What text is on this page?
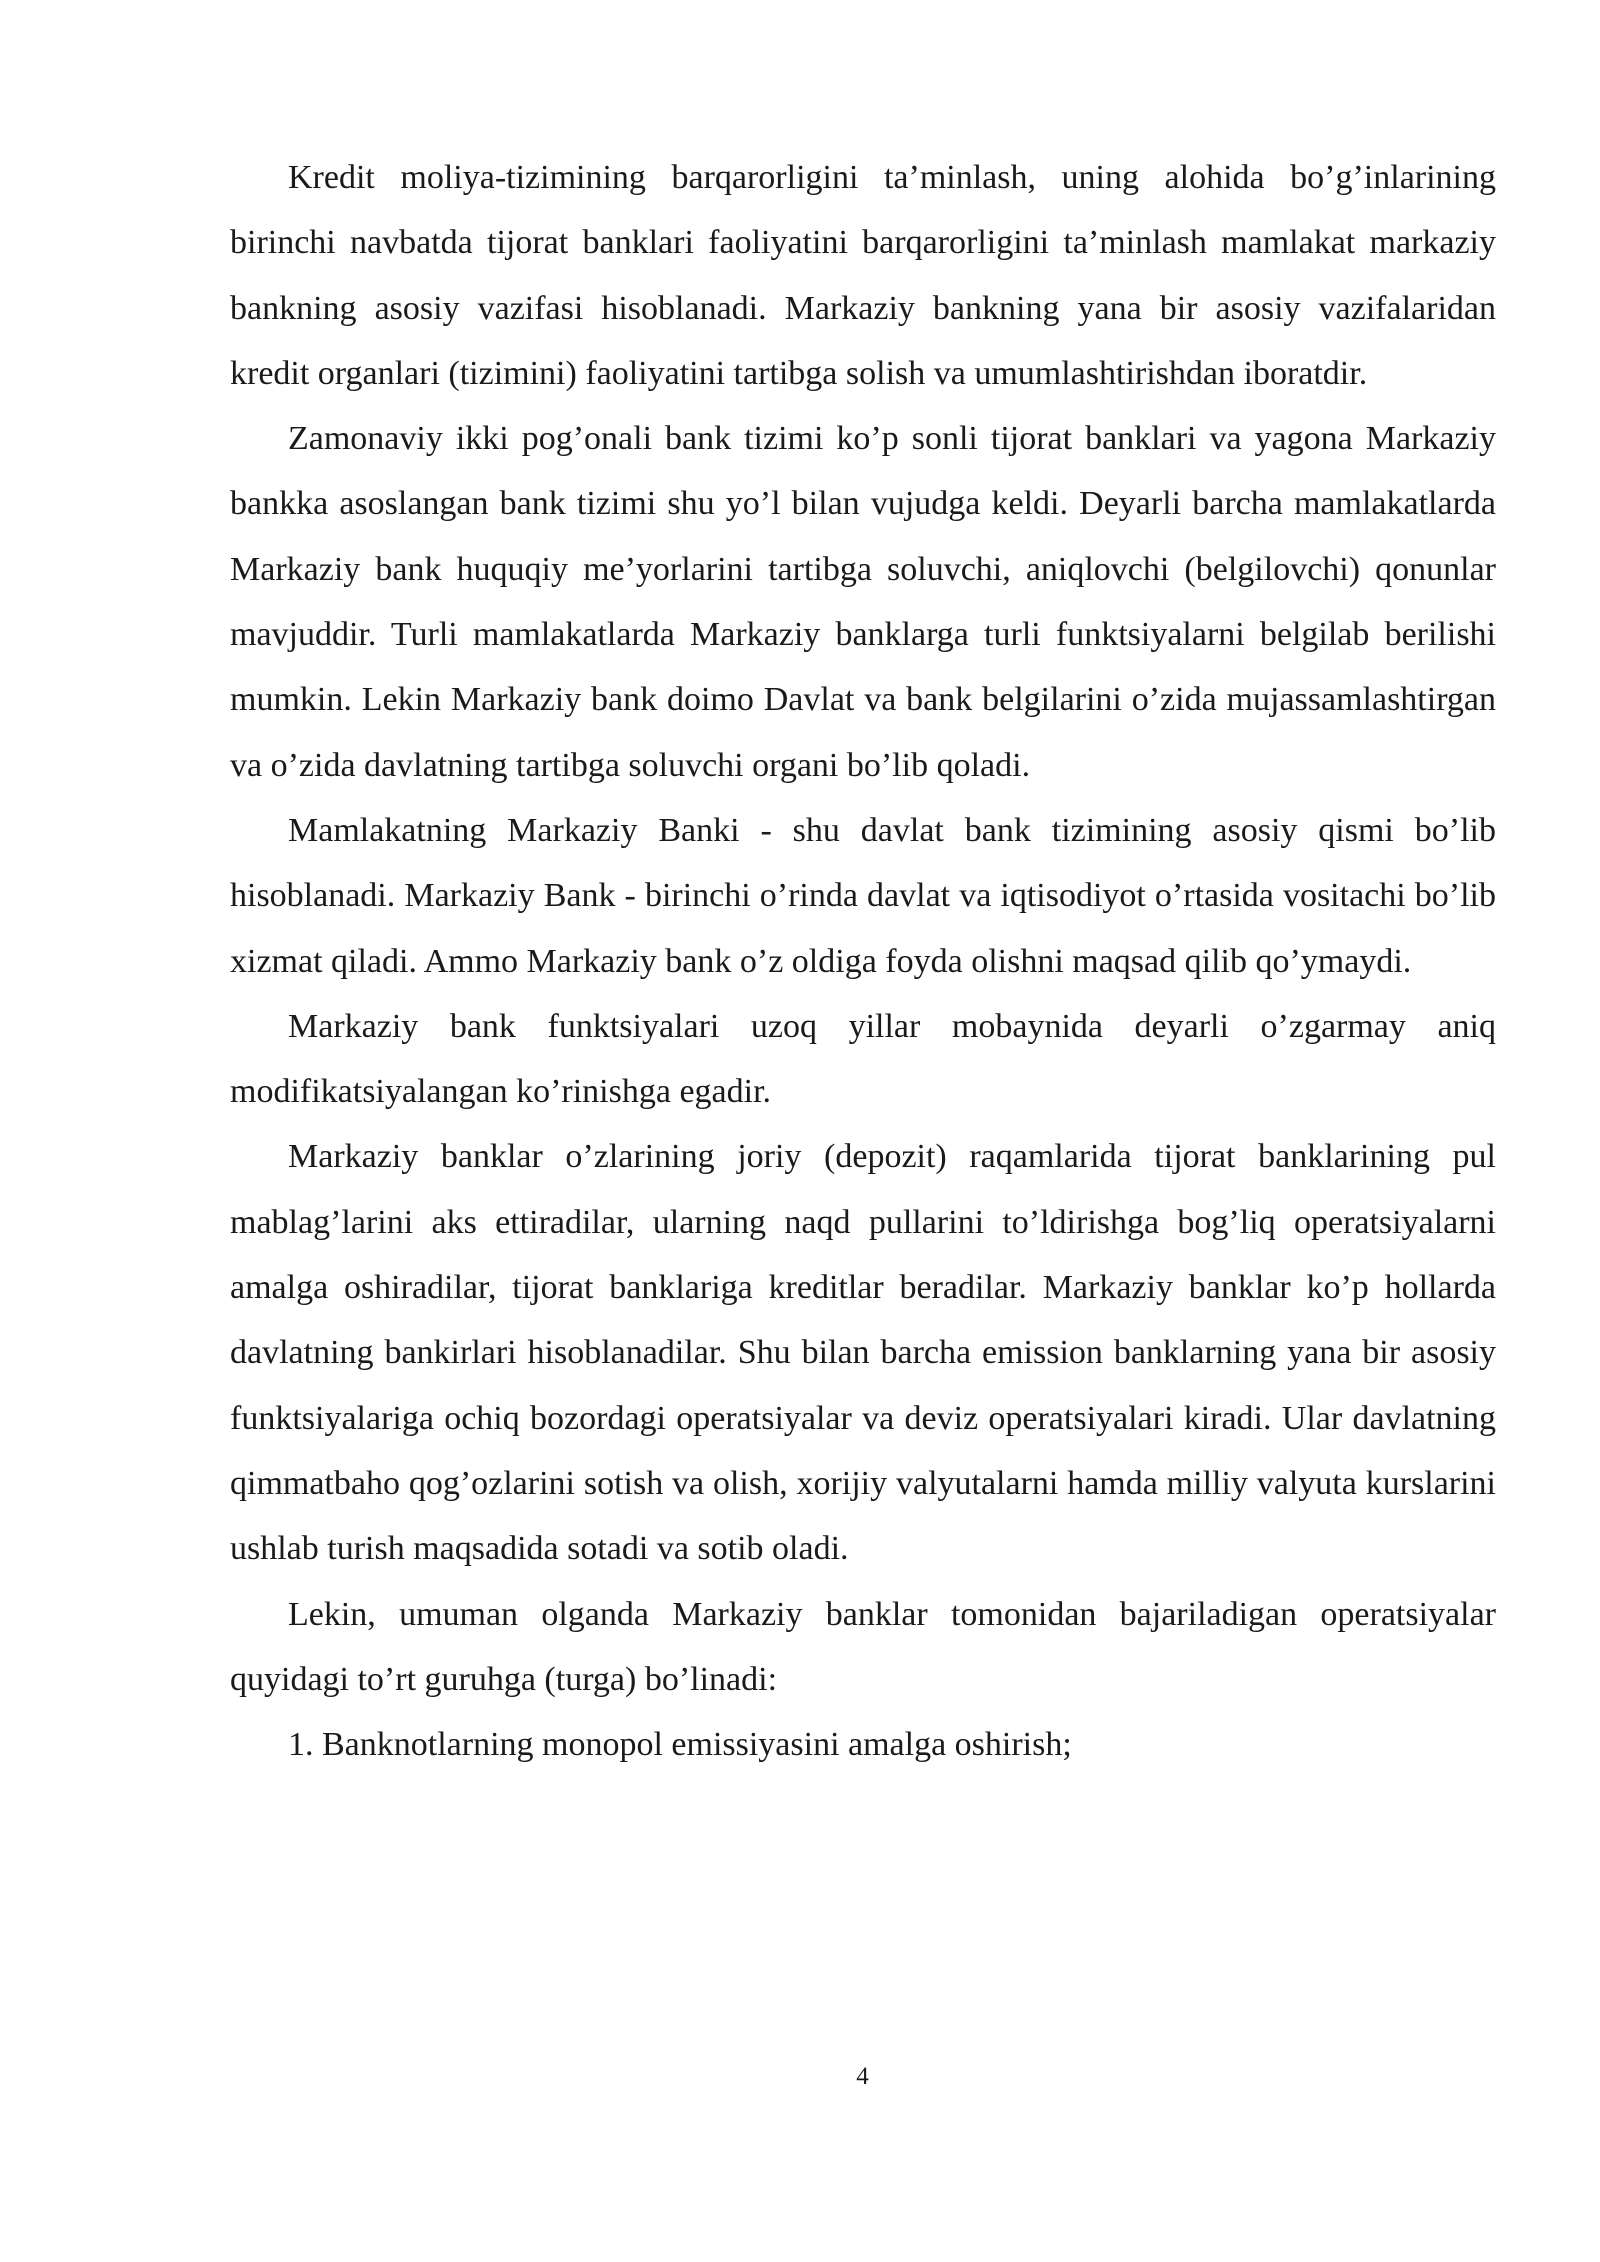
Kredit moliya-tizimining barqarorligini ta’minlash, uning alohida bo’g’inlarining birinchi navbatda tijorat banklari faoliyatini barqarorligini ta’minlash mamlakat markaziy bankning asosiy vazifasi hisoblanadi. Markaziy bankning yana bir asosiy vazifalaridan kredit organlari (tizimini) faoliyatini tartibga solish va umumlashtirishdan iboratdir.

Zamonaviy ikki pog’onali bank tizimi ko’p sonli tijorat banklari va yagona Markaziy bankka asoslangan bank tizimi shu yo’l bilan vujudga keldi. Deyarli barcha mamlakatlarda Markaziy bank huquqiy me’yorlarini tartibga soluvchi, aniqlovchi (belgilovchi) qonunlar mavjuddir. Turli mamlakatlarda Markaziy banklarga turli funktsiyalarni belgilab berilishi mumkin. Lekin Markaziy bank doimo Davlat va bank belgilarini o’zida mujassamlashtirgan va o’zida davlatning tartibga soluvchi organi bo’lib qoladi.

Mamlakatning Markaziy Banki - shu davlat bank tizimining asosiy qismi bo’lib hisoblanadi. Markaziy Bank - birinchi o’rinda davlat va iqtisodiyot o’rtasida vositachi bo’lib xizmat qiladi. Ammo Markaziy bank o’z oldiga foyda olishni maqsad qilib qo’ymaydi.

Markaziy bank funktsiyalari uzoq yillar mobaynida deyarli o’zgarmay aniq modifikatsiyalangan ko’rinishga egadir.

Markaziy banklar o’zlarining joriy (depozit) raqamlarida tijorat banklarining pul mablag’larini aks ettiradilar, ularning naqd pullarini to’ldirishga bog’liq operatsiyalarni amalga oshiradilar, tijorat banklariga kreditlar beradilar. Markaziy banklar ko’p hollarda davlatning bankirlari hisoblanadilar. Shu bilan barcha emission banklarning yana bir asosiy funktsiyalariga ochiq bozordagi operatsiyalar va deviz operatsiyalari kiradi. Ular davlatning qimmatbaho qog’ozlarini sotish va olish, xorijiy valyutalarni hamda milliy valyuta kurslarini ushlab turish maqsadida sotadi va sotib oladi.

Lekin, umuman olganda Markaziy banklar tomonidan bajariladigan operatsiyalar quyidagi to’rt guruhga (turga) bo’linadi:

1. Banknotlarning monopol emissiyasini amalga oshirish;

4
